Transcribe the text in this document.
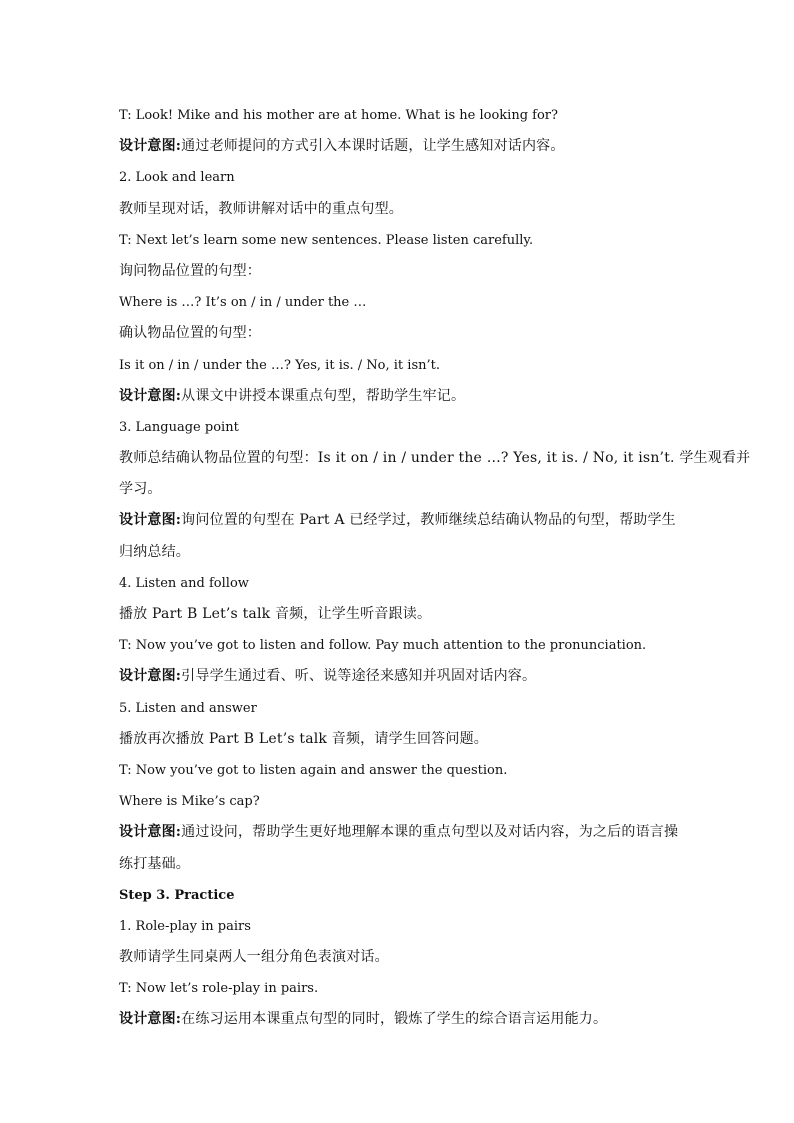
T: Look! Mike and his mother are at home. What is he looking for?
设计意图:通过老师提问的方式引入本课时话题，让学生感知对话内容。
2. Look and learn
教师呈现对话，教师讲解对话中的重点句型。
T: Next let’s learn some new sentences. Please listen carefully.
询问物品位置的句型：
Where is …? It’s on / in / under the …
确认物品位置的句型：
Is it on / in / under the …? Yes, it is. / No, it isn’t.
设计意图:从课文中讲授本课重点句型，帮助学生牢记。
3. Language point
教师总结确认物品位置的句型：Is it on / in / under the …? Yes, it is. / No, it isn’t. 学生观看并
学习。
设计意图:询问位置的句型在 Part A 已经学过，教师继续总结确认物品的句型，帮助学生
归纳总结。
4. Listen and follow
播放 Part B Let’s talk 音频，让学生听音跟读。
T: Now you’ve got to listen and follow. Pay much attention to the pronunciation.
设计意图:引导学生通过看、听、说等途径来感知并巩固对话内容。
5. Listen and answer
播放再次播放 Part B Let’s talk 音频，请学生回答问题。
T: Now you’ve got to listen again and answer the question.
Where is Mike’s cap?
设计意图:通过设问，帮助学生更好地理解本课的重点句型以及对话内容，为之后的语言操
练打基础。
Step 3. Practice
1. Role-play in pairs
教师请学生同桌两人一组分角色表演对话。
T: Now let’s role-play in pairs.
设计意图:在练习运用本课重点句型的同时，锻炼了学生的综合语言运用能力。
